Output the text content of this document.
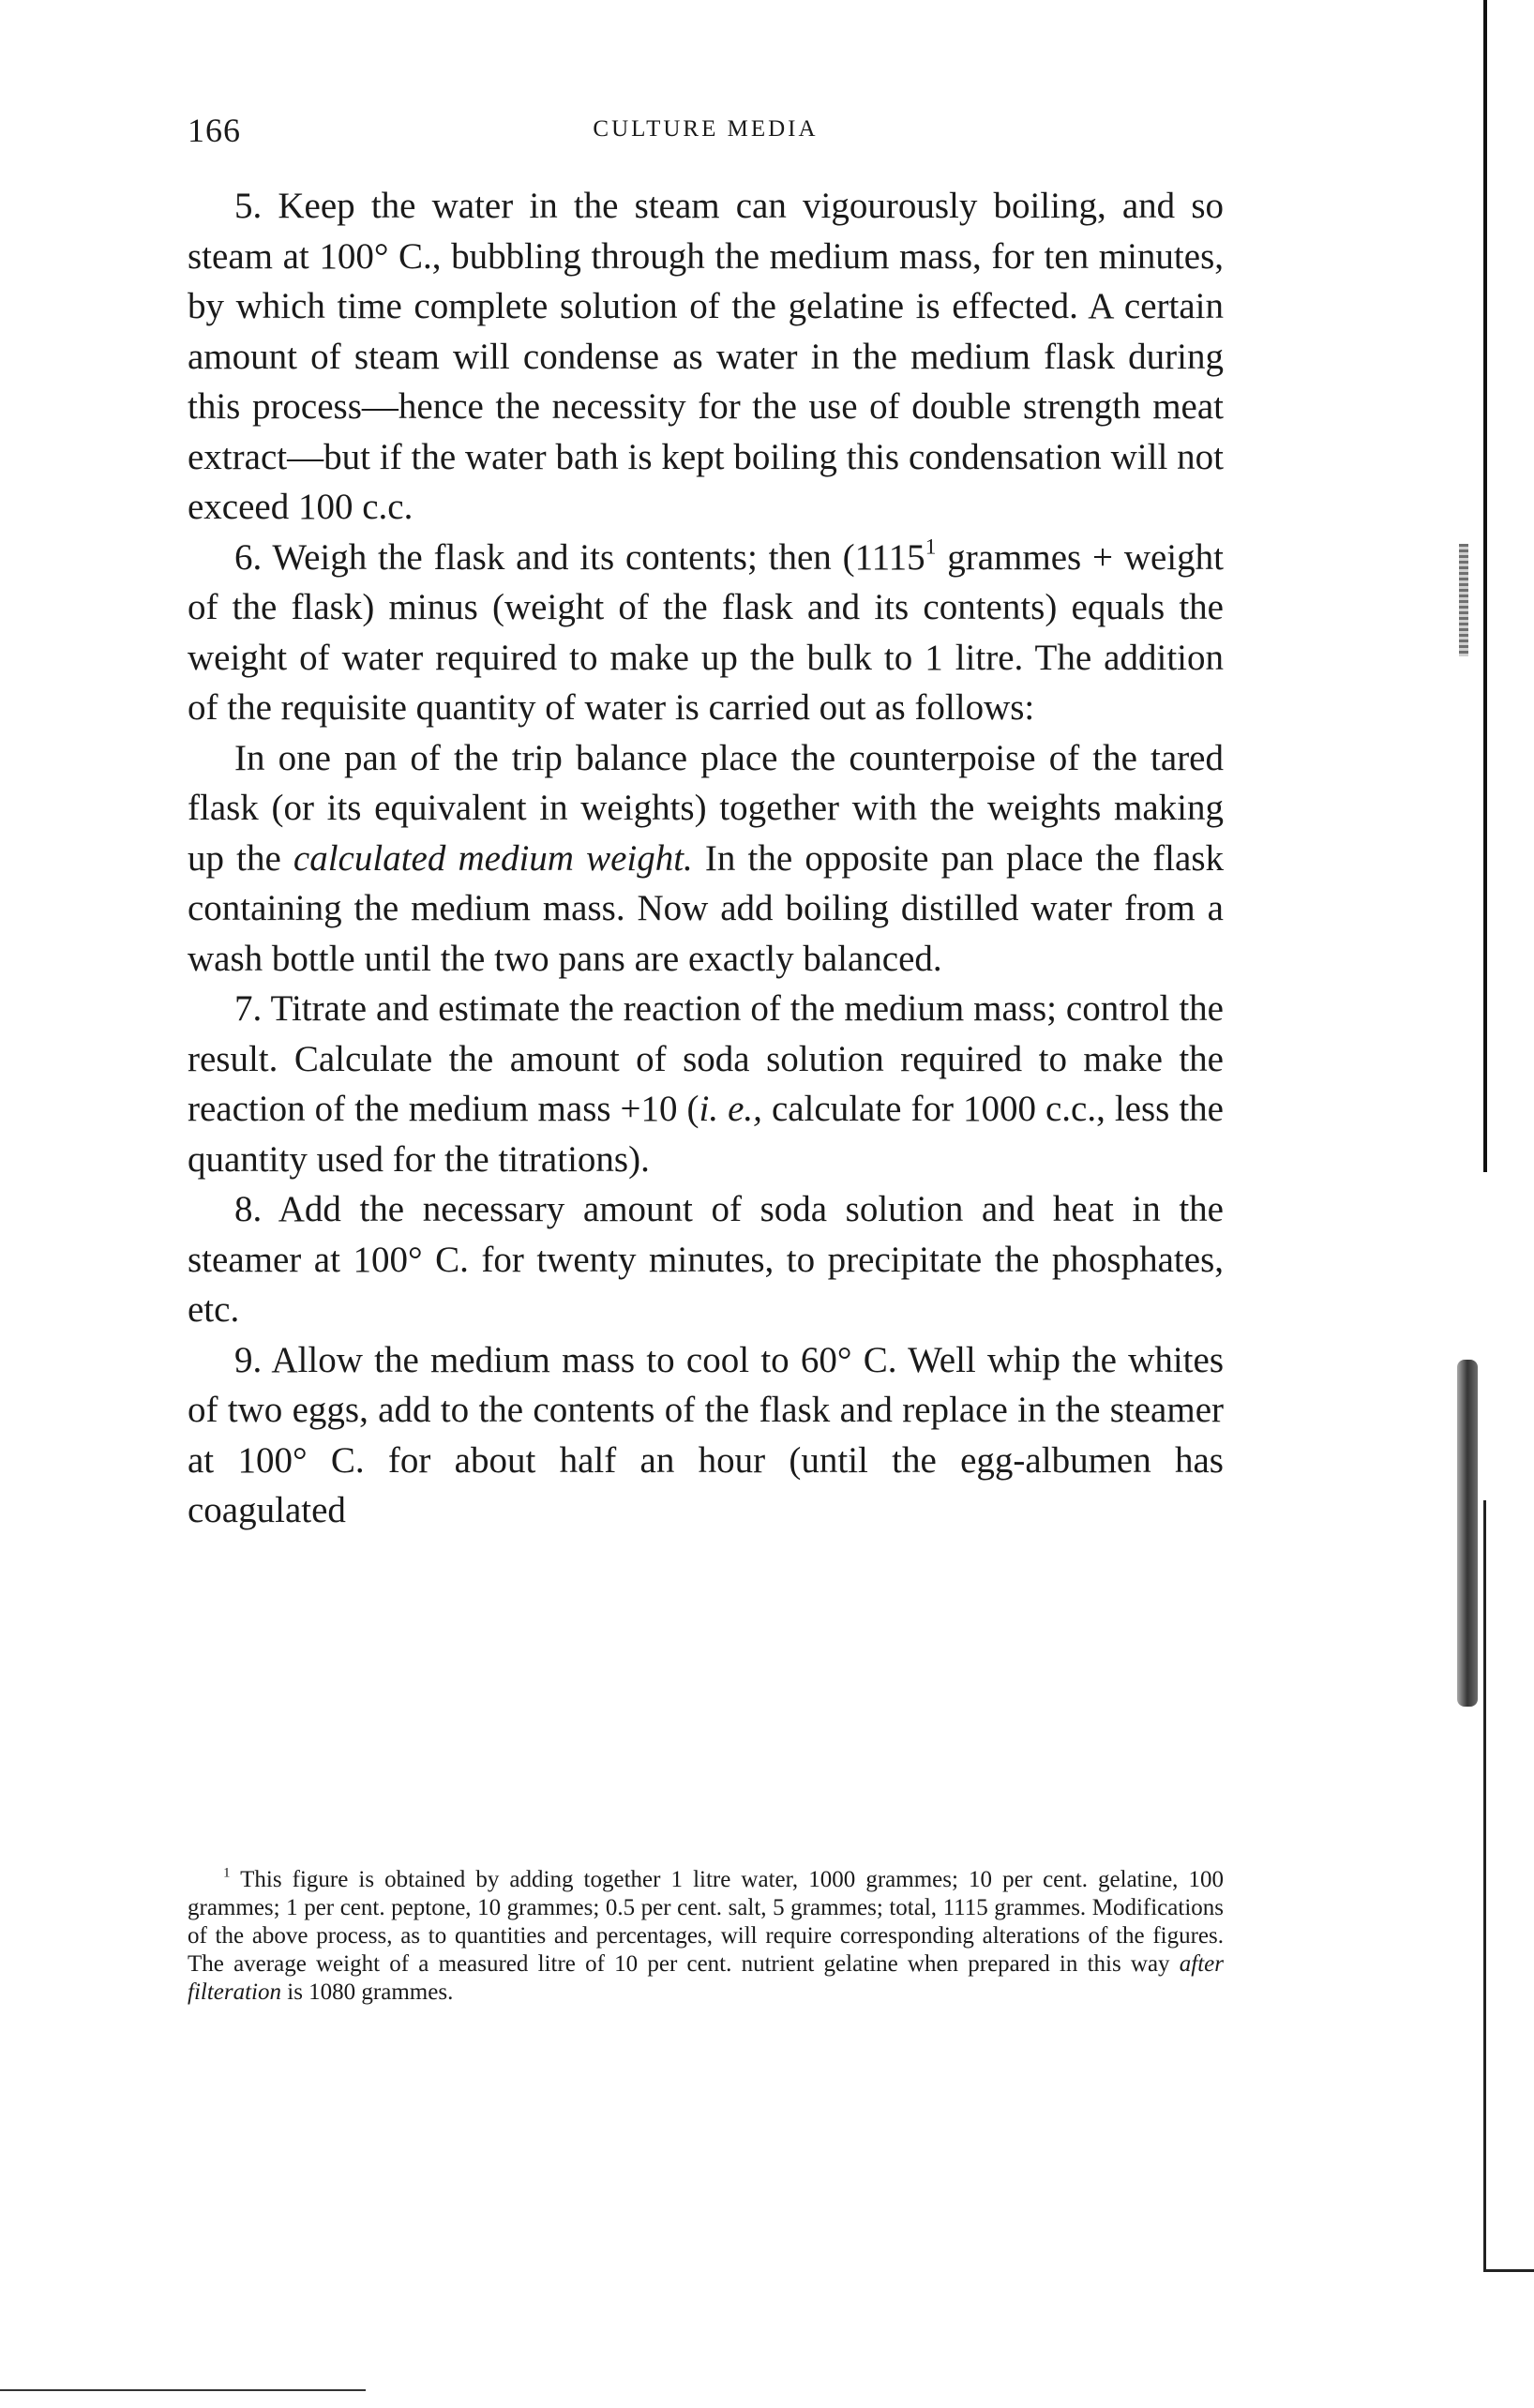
166	CULTURE MEDIA

5. Keep the water in the steam can vigourously boiling, and so steam at 100° C., bubbling through the medium mass, for ten minutes, by which time complete solution of the gelatine is effected. A certain amount of steam will condense as water in the medium flask during this process—hence the necessity for the use of double strength meat extract—but if the water bath is kept boiling this condensation will not exceed 100 c.c.

6. Weigh the flask and its contents; then (1115$^1$ grammes + weight of the flask) minus (weight of the flask and its contents) equals the weight of water required to make up the bulk to 1 litre. The addition of the requisite quantity of water is carried out as follows:

In one pan of the trip balance place the counterpoise of the tared flask (or its equivalent in weights) together with the weights making up the calculated medium weight. In the opposite pan place the flask containing the medium mass. Now add boiling distilled water from a wash bottle until the two pans are exactly balanced.

7. Titrate and estimate the reaction of the medium mass; control the result. Calculate the amount of soda solution required to make the reaction of the medium mass +10 (i. e., calculate for 1000 c.c., less the quantity used for the titrations).

8. Add the necessary amount of soda solution and heat in the steamer at 100° C. for twenty minutes, to precipitate the phosphates, etc.

9. Allow the medium mass to cool to 60° C. Well whip the whites of two eggs, add to the contents of the flask and replace in the steamer at 100° C. for about half an hour (until the egg-albumen has coagulated

$^1$ This figure is obtained by adding together 1 litre water, 1000 grammes; 10 per cent. gelatine, 100 grammes; 1 per cent. peptone, 10 grammes; 0.5 per cent. salt, 5 grammes; total, 1115 grammes. Modifications of the above process, as to quantities and percentages, will require corresponding alterations of the figures. The average weight of a measured litre of 10 per cent. nutrient gelatine when prepared in this way after filteration is 1080 grammes.
